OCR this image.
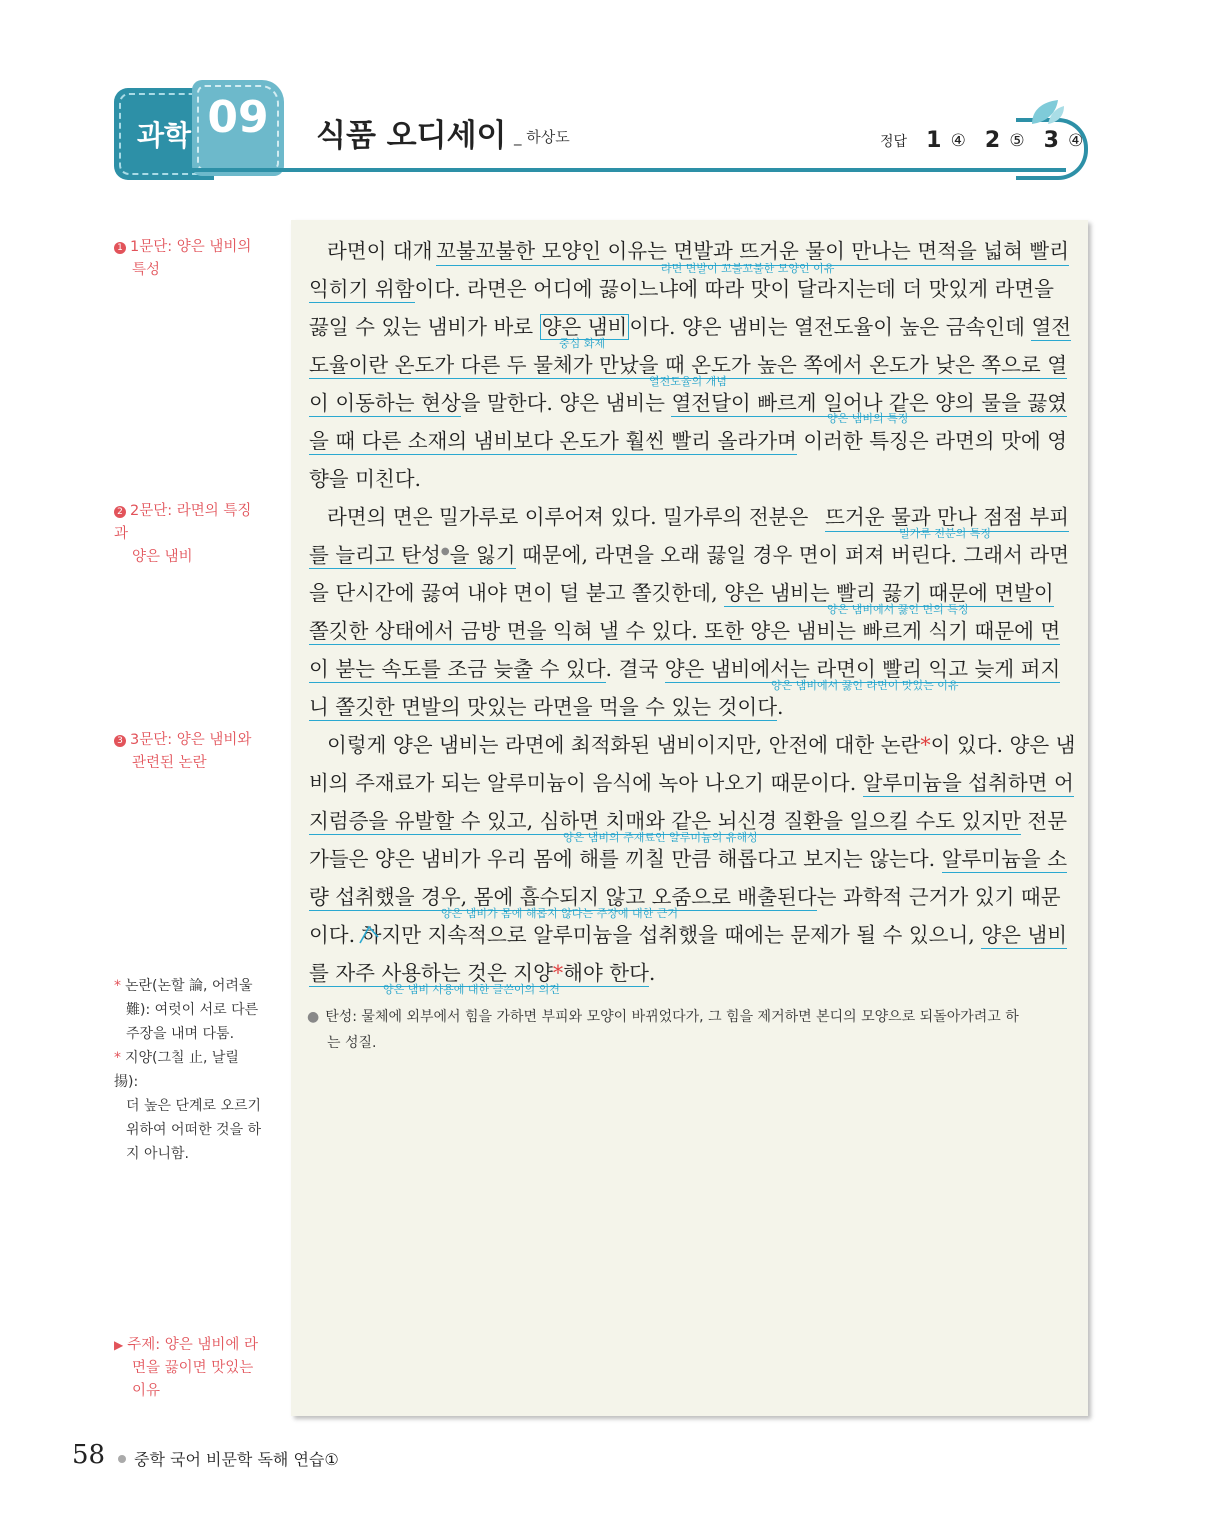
과학 09	식품 오디세이 _ 하상도	정답 1 ④ 2 ⑤ 3 ④
1 1문단: 양은 냄비의
특성
2 2문단: 라면의 특징과
양은 냄비
3 3문단: 양은 냄비와
관련된 논란
* 논란(논할 論, 어려울
難): 여럿이 서로 다른
주장을 내며 다툼.
* 지양(그칠 止, 날릴 揚):
더 높은 단계로 오르기
위하여 어떠한 것을 하
지 아니함.
▶ 주제: 양은 냄비에 라
면을 끓이면 맛있는
이유
라면이 대개 꼬불꼬불한 모양인 이유는 면발과 뜨거운 물이 만나는 면적을 넓혀 빨리
라면 면발이 꼬불꼬불한 모양인 이유
익히기 위함이다. 라면은 어디에 끓이느냐에 따라 맛이 달라지는데 더 맛있게 라면을
끓일 수 있는 냄비가 바로 양은 냄비이다. 양은 냄비는 열전도율이 높은 금속인데 열전
중심 화제
도율이란 온도가 다른 두 물체가 만났을 때 온도가 높은 쪽에서 온도가 낮은 쪽으로 열
열전도율의 개념
이 이동하는 현상을 말한다. 양은 냄비는 열전달이 빠르게 일어나 같은 양의 물을 끓였
양은 냄비의 특징
을 때 다른 소재의 냄비보다 온도가 훨씬 빨리 올라가며 이러한 특징은 라면의 맛에 영
향을 미친다.
라면의 면은 밀가루로 이루어져 있다. 밀가루의 전분은 뜨거운 물과 만나 점점 부피
밀가루 전분의 특징
를 늘리고 탄성●을 잃기 때문에, 라면을 오래 끓일 경우 면이 퍼져 버린다. 그래서 라면
을 단시간에 끓여 내야 면이 덜 붇고 쫄깃한데, 양은 냄비는 빨리 끓기 때문에 면발이
양은 냄비에서 끓인 면의 특징
쫄깃한 상태에서 금방 면을 익혀 낼 수 있다. 또한 양은 냄비는 빠르게 식기 때문에 면
이 붇는 속도를 조금 늦출 수 있다. 결국 양은 냄비에서는 라면이 빨리 익고 늦게 퍼지
양은 냄비에서 끓인 라면이 맛있는 이유
니 쫄깃한 면발의 맛있는 라면을 먹을 수 있는 것이다.
이렇게 양은 냄비는 라면에 최적화된 냄비이지만, 안전에 대한 논란*이 있다. 양은 냄
비의 주재료가 되는 알루미늄이 음식에 녹아 나오기 때문이다. 알루미늄을 섭취하면 어
지럼증을 유발할 수 있고, 심하면 치매와 같은 뇌신경 질환을 일으킬 수도 있지만 전문
양은 냄비의 주재료인 알루미늄의 유해성
가들은 양은 냄비가 우리 몸에 해를 끼칠 만큼 해롭다고 보지는 않는다. 알루미늄을 소
량 섭취했을 경우, 몸에 흡수되지 않고 오줌으로 배출된다는 과학적 근거가 있기 때문
양은 냄비가 몸에 해롭지 않다는 주장에 대한 근거
이다. 하지만 지속적으로 알루미늄을 섭취했을 때에는 문제가 될 수 있으니, 양은 냄비
를 자주 사용하는 것은 지양*해야 한다.
양은 냄비 사용에 대한 글쓴이의 의견
● 탄성: 물체에 외부에서 힘을 가하면 부피와 모양이 바뀌었다가, 그 힘을 제거하면 본디의 모양으로 되돌아가려고 하
는 성질.
58 중학 국어 비문학 독해 연습①
